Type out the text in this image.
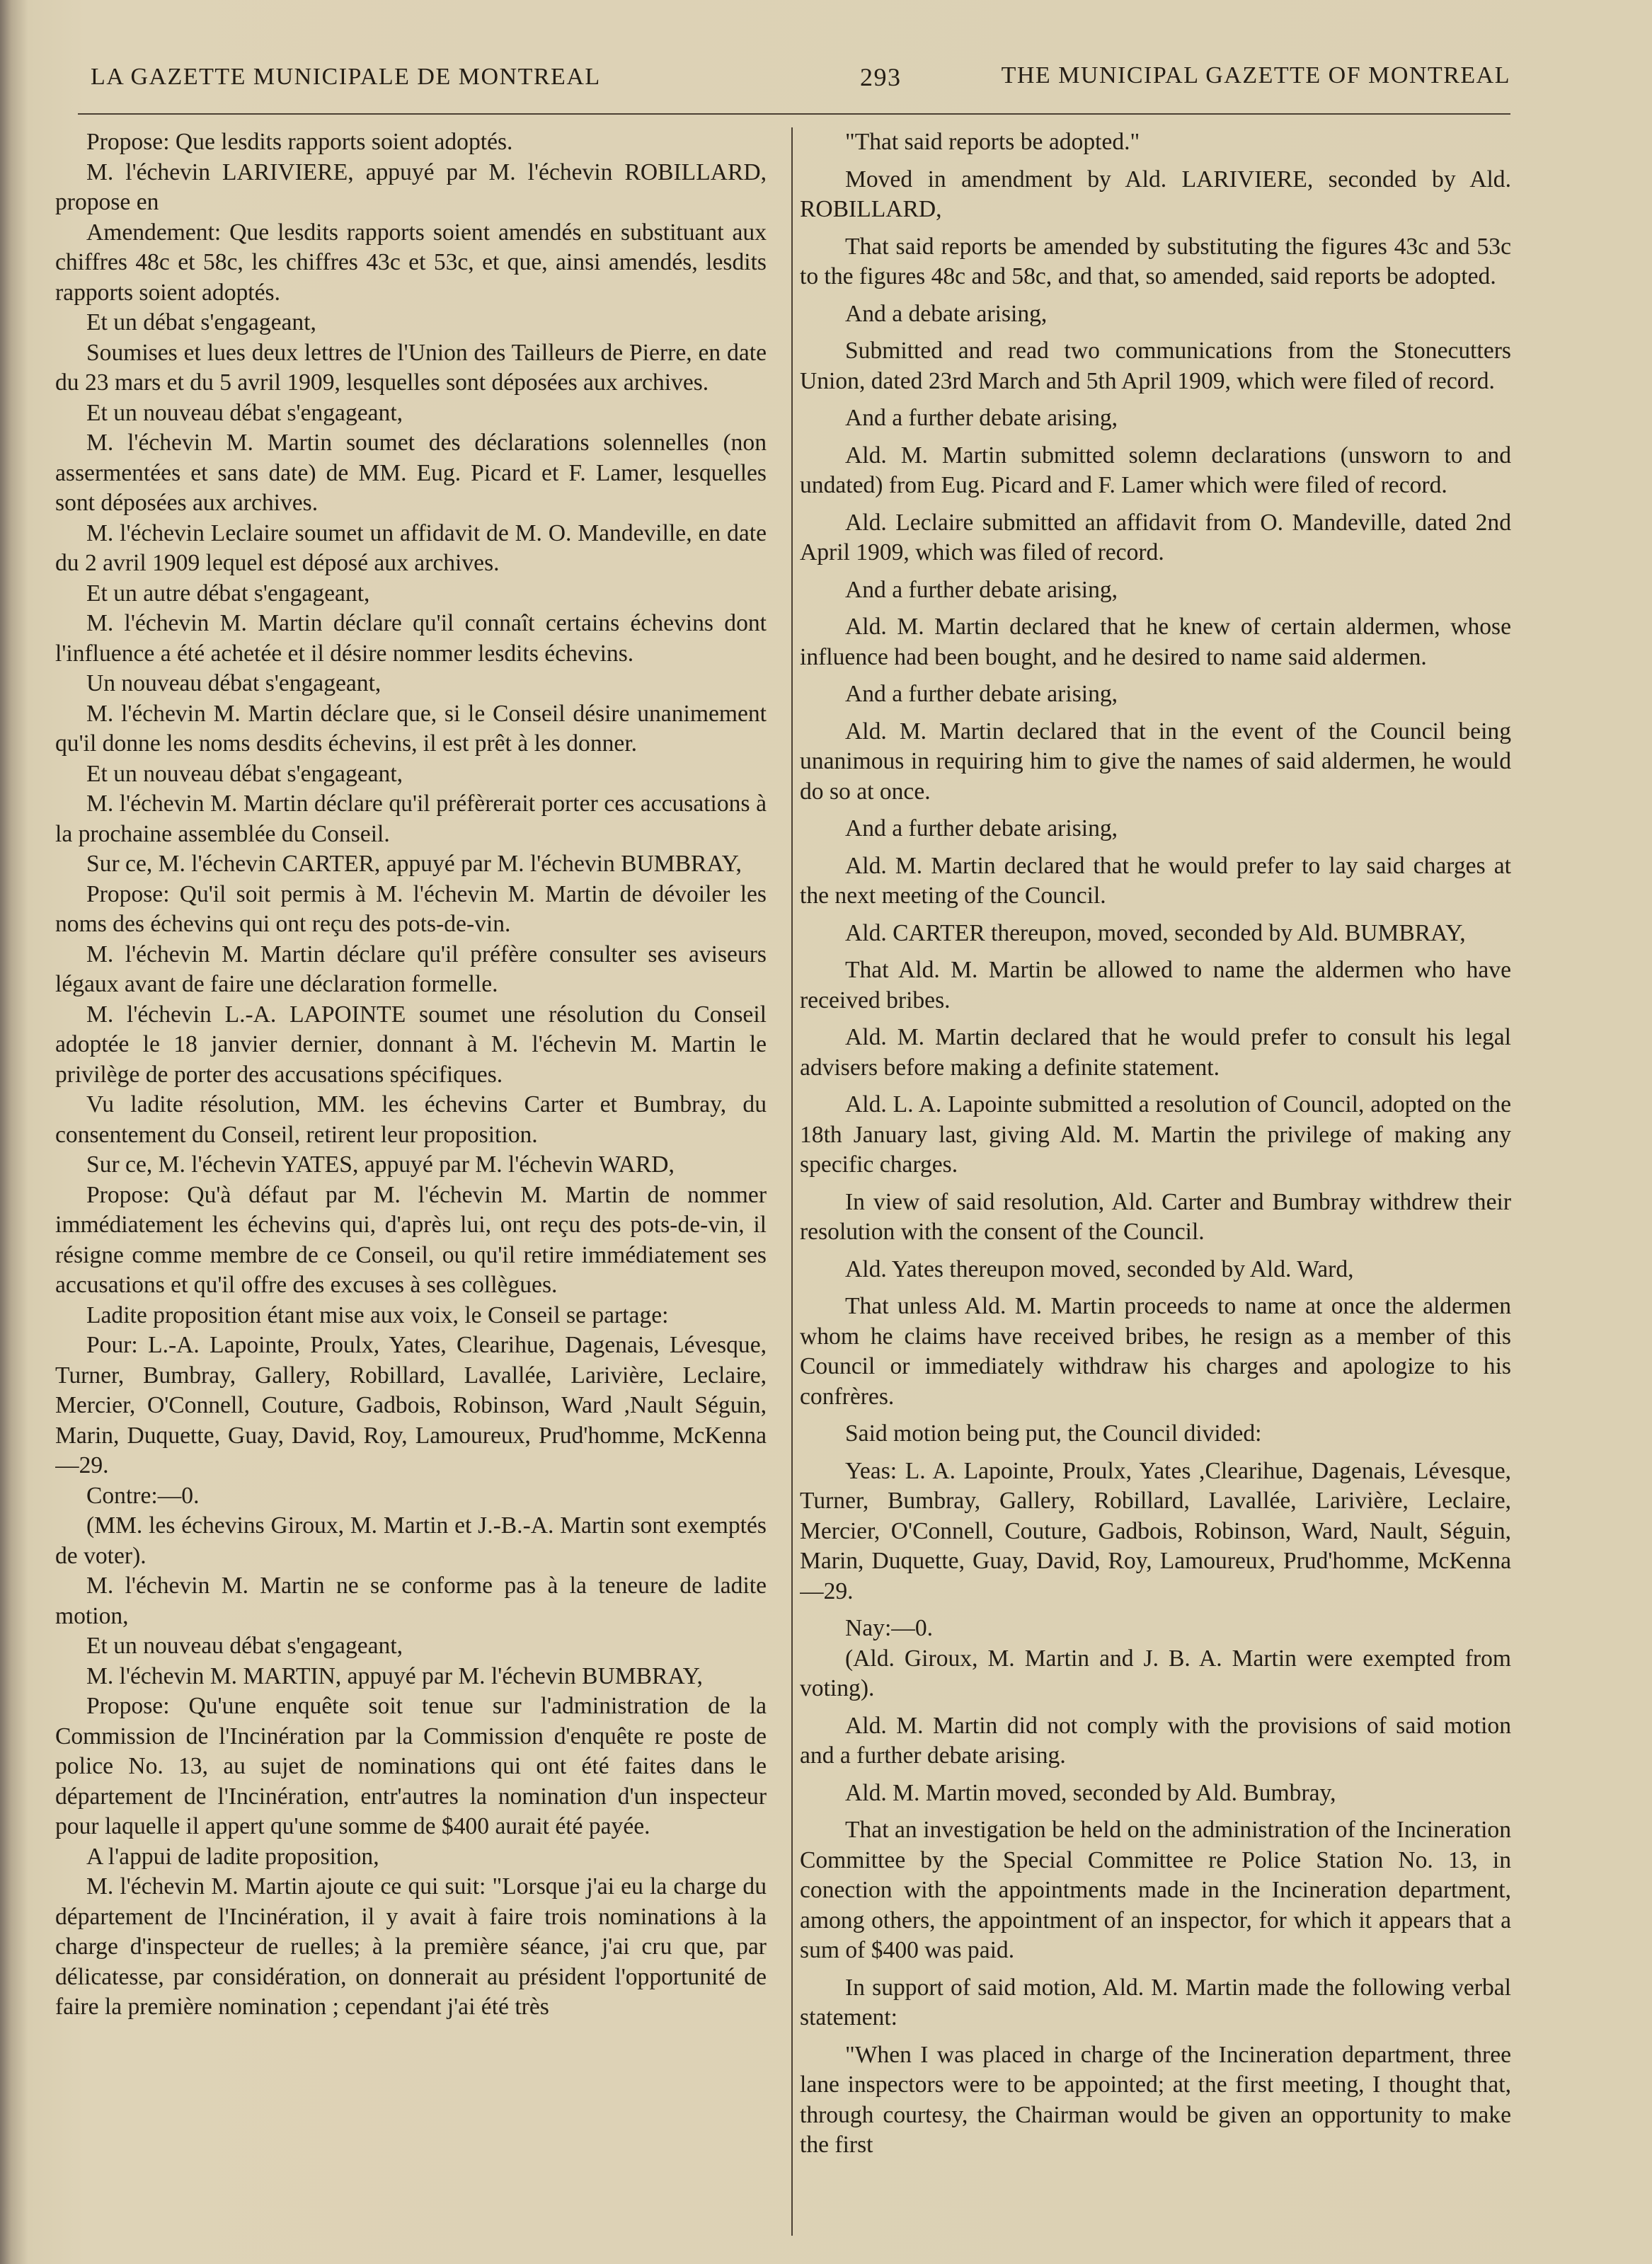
LA GAZETTE MUNICIPALE DE MONTREAL	293	THE MUNICIPAL GAZETTE OF MONTREAL

Propose: Que lesdits rapports soient adoptés.

M. l'échevin LARIVIERE, appuyé par M. l'échevin ROBILLARD, propose en

Amendement: Que lesdits rapports soient amendés en substituant aux chiffres 48c et 58c, les chiffres 43c et 53c, et que, ainsi amendés, lesdits rapports soient adoptés.

Et un débat s'engageant,

Soumises et lues deux lettres de l'Union des Tailleurs de Pierre, en date du 23 mars et du 5 avril 1909, lesquelles sont déposées aux archives.

Et un nouveau débat s'engageant,

M. l'échevin M. Martin soumet des déclarations solennelles (non assermentées et sans date) de MM. Eug. Picard et F. Lamer, lesquelles sont déposées aux archives.

M. l'échevin Leclaire soumet un affidavit de M. O. Mandeville, en date du 2 avril 1909 lequel est déposé aux archives.

Et un autre débat s'engageant,

M. l'échevin M. Martin déclare qu'il connaît certains échevins dont l'influence a été achetée et il désire nommer lesdits échevins.

Un nouveau débat s'engageant,

M. l'échevin M. Martin déclare que, si le Conseil désire unanimement qu'il donne les noms desdits échevins, il est prêt à les donner.

Et un nouveau débat s'engageant,

M. l'échevin M. Martin déclare qu'il préfèrerait porter ces accusations à la prochaine assemblée du Conseil.

Sur ce, M. l'échevin CARTER, appuyé par M. l'échevin BUMBRAY,

Propose: Qu'il soit permis à M. l'échevin M. Martin de dévoiler les noms des échevins qui ont reçu des pots-de-vin.

M. l'échevin M. Martin déclare qu'il préfère consulter ses aviseurs légaux avant de faire une déclaration formelle.

M. l'échevin L.-A. LAPOINTE soumet une résolution du Conseil adoptée le 18 janvier dernier, donnant à M. l'échevin M. Martin le privilège de porter des accusations spécifiques.

Vu ladite résolution, MM. les échevins Carter et Bumbray, du consentement du Conseil, retirent leur proposition.

Sur ce, M. l'échevin YATES, appuyé par M. l'échevin WARD,

Propose: Qu'à défaut par M. l'échevin M. Martin de nommer immédiatement les échevins qui, d'après lui, ont reçu des pots-de-vin, il résigne comme membre de ce Conseil, ou qu'il retire immédiatement ses accusations et qu'il offre des excuses à ses collègues.

Ladite proposition étant mise aux voix, le Conseil se partage:

Pour: L.-A. Lapointe, Proulx, Yates, Clearihue, Dagenais, Lévesque, Turner, Bumbray, Gallery, Robillard, Lavallée, Larivière, Leclaire, Mercier, O'Connell, Couture, Gadbois, Robinson, Ward ,Nault Séguin, Marin, Duquette, Guay, David, Roy, Lamoureux, Prud'homme, McKenna—29.

Contre:—0.

(MM. les échevins Giroux, M. Martin et J.-B.-A. Martin sont exemptés de voter).

M. l'échevin M. Martin ne se conforme pas à la teneure de ladite motion,

Et un nouveau débat s'engageant,

M. l'échevin M. MARTIN, appuyé par M. l'échevin BUMBRAY,

Propose: Qu'une enquête soit tenue sur l'administration de la Commission de l'Incinération par la Commission d'enquête re poste de police No. 13, au sujet de nominations qui ont été faites dans le département de l'Incinération, entr'autres la nomination d'un inspecteur pour laquelle il appert qu'une somme de $400 aurait été payée.

A l'appui de ladite proposition,

M. l'échevin M. Martin ajoute ce qui suit: "Lorsque j'ai eu la charge du département de l'Incinération, il y avait à faire trois nominations à la charge d'inspecteur de ruelles; à la première séance, j'ai cru que, par délicatesse, par considération, on donnerait au président l'opportunité de faire la première nomination ; cependant j'ai été très

"That said reports be adopted."

Moved in amendment by Ald. LARIVIERE, seconded by Ald. ROBILLARD,

That said reports be amended by substituting the figures 43c and 53c to the figures 48c and 58c, and that, so amended, said reports be adopted.

And a debate arising,

Submitted and read two communications from the Stonecutters Union, dated 23rd March and 5th April 1909, which were filed of record.

And a further debate arising,

Ald. M. Martin submitted solemn declarations (unsworn to and undated) from Eug. Picard and F. Lamer which were filed of record.

Ald. Leclaire submitted an affidavit from O. Mandeville, dated 2nd April 1909, which was filed of record.

And a further debate arising,

Ald. M. Martin declared that he knew of certain aldermen, whose influence had been bought, and he desired to name said aldermen.

And a further debate arising,

Ald. M. Martin declared that in the event of the Council being unanimous in requiring him to give the names of said aldermen, he would do so at once.

And a further debate arising,

Ald. M. Martin declared that he would prefer to lay said charges at the next meeting of the Council.

Ald. CARTER thereupon, moved, seconded by Ald. BUMBRAY,

That Ald. M. Martin be allowed to name the aldermen who have received bribes.

Ald. M. Martin declared that he would prefer to consult his legal advisers before making a definite statement.

Ald. L. A. Lapointe submitted a resolution of Council, adopted on the 18th January last, giving Ald. M. Martin the privilege of making any specific charges.

In view of said resolution, Ald. Carter and Bumbray withdrew their resolution with the consent of the Council.

Ald. Yates thereupon moved, seconded by Ald. Ward,

That unless Ald. M. Martin proceeds to name at once the aldermen whom he claims have received bribes, he resign as a member of this Council or immediately withdraw his charges and apologize to his confrères.

Said motion being put, the Council divided:

Yeas: L. A. Lapointe, Proulx, Yates ,Clearihue, Dagenais, Lévesque, Turner, Bumbray, Gallery, Robillard, Lavallée, Larivière, Leclaire, Mercier, O'Connell, Couture, Gadbois, Robinson, Ward, Nault, Séguin, Marin, Duquette, Guay, David, Roy, Lamoureux, Prud'homme, McKenna—29.

Nay:—0.

(Ald. Giroux, M. Martin and J. B. A. Martin were exempted from voting).

Ald. M. Martin did not comply with the provisions of said motion and a further debate arising.

Ald. M. Martin moved, seconded by Ald. Bumbray,

That an investigation be held on the administration of the Incineration Committee by the Special Committee re Police Station No. 13, in conection with the appointments made in the Incineration department, among others, the appointment of an inspector, for which it appears that a sum of $400 was paid.

In support of said motion, Ald. M. Martin made the following verbal statement:

"When I was placed in charge of the Incineration department, three lane inspectors were to be appointed; at the first meeting, I thought that, through courtesy, the Chairman would be given an opportunity to make the first
